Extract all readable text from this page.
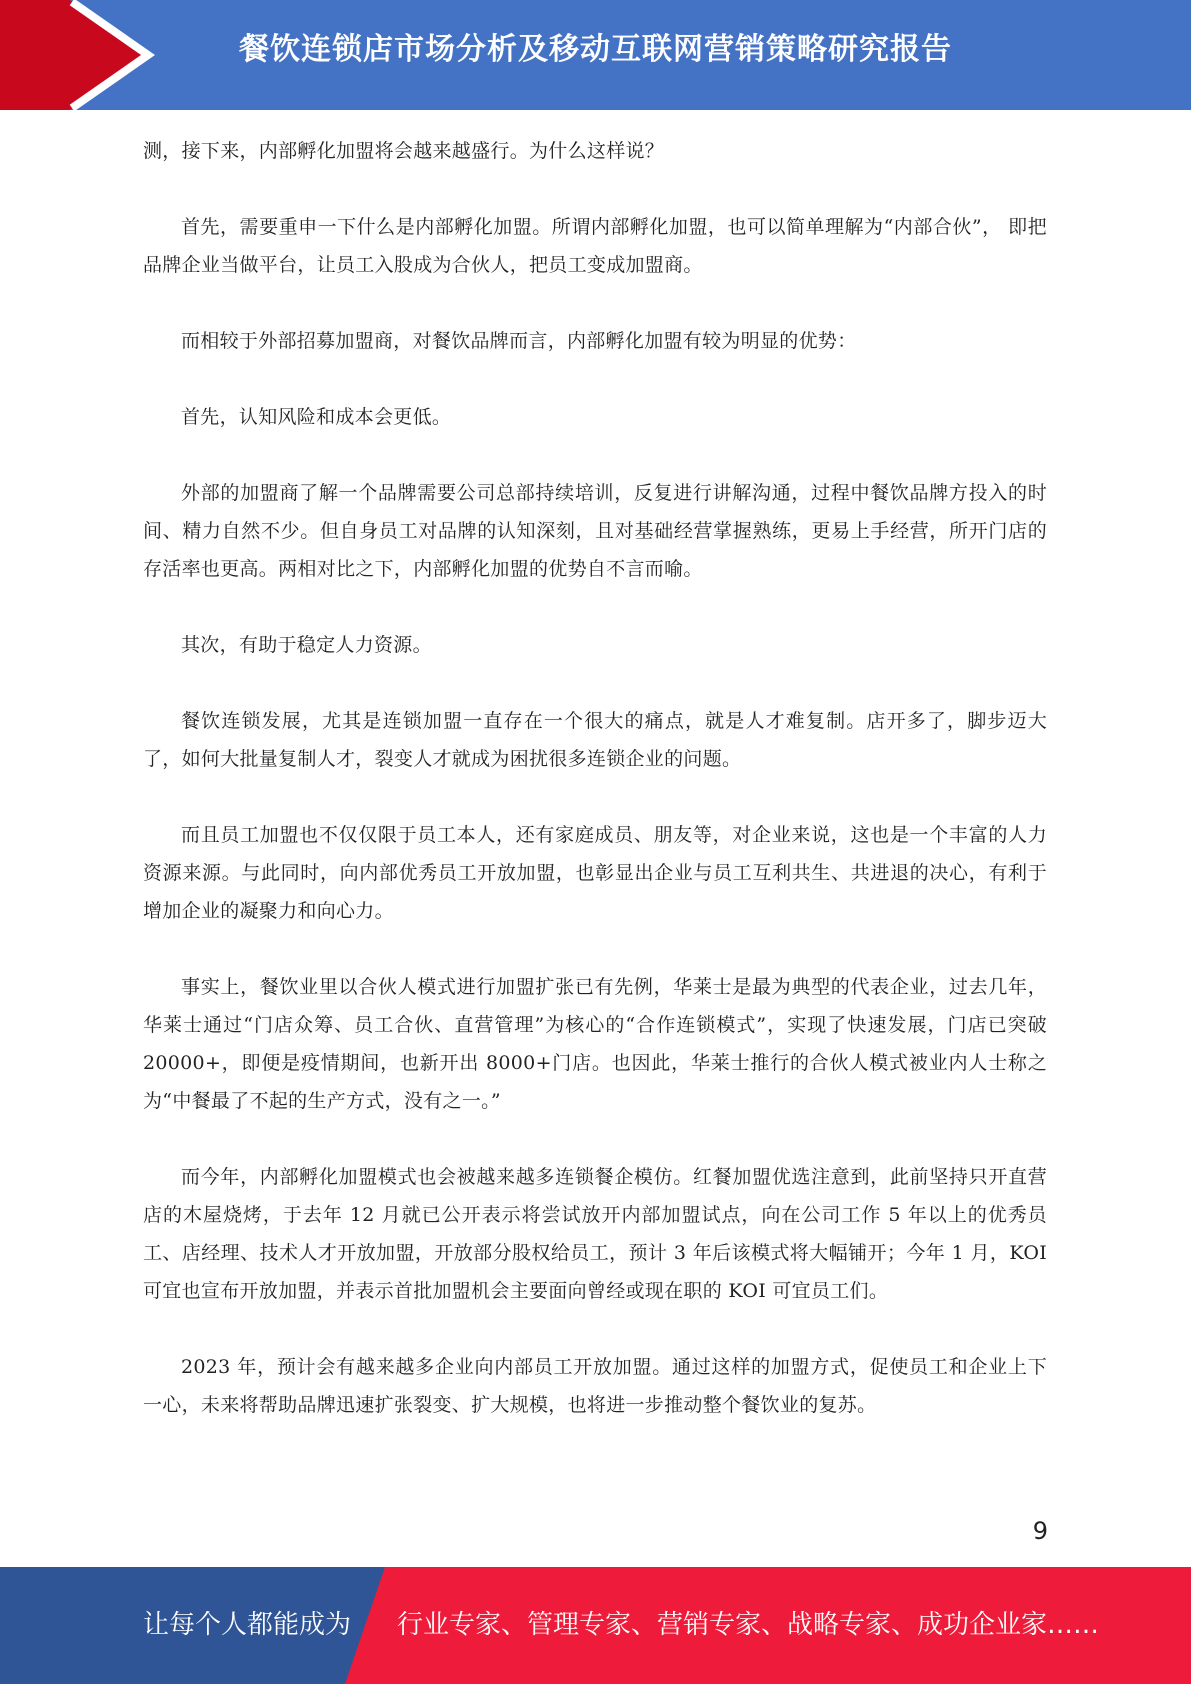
餐饮连锁店市场分析及移动互联网营销策略研究报告

测，接下来，内部孵化加盟将会越来越盛行。为什么这样说？

首先，需要重申一下什么是内部孵化加盟。所谓内部孵化加盟，也可以简单理解为“内部合伙”， 即把品牌企业当做平台，让员工入股成为合伙人，把员工变成加盟商。

而相较于外部招募加盟商，对餐饮品牌而言，内部孵化加盟有较为明显的优势：

首先，认知风险和成本会更低。

外部的加盟商了解一个品牌需要公司总部持续培训，反复进行讲解沟通，过程中餐饮品牌方投入的时间、精力自然不少。但自身员工对品牌的认知深刻，且对基础经营掌握熟练，更易上手经营，所开门店的存活率也更高。两相对比之下，内部孵化加盟的优势自不言而喻。

其次，有助于稳定人力资源。

餐饮连锁发展，尤其是连锁加盟一直存在一个很大的痛点，就是人才难复制。店开多了，脚步迈大了，如何大批量复制人才，裂变人才就成为困扰很多连锁企业的问题。

而且员工加盟也不仅仅限于员工本人，还有家庭成员、朋友等，对企业来说，这也是一个丰富的人力资源来源。与此同时，向内部优秀员工开放加盟，也彰显出企业与员工互利共生、共进退的决心，有利于增加企业的凝聚力和向心力。

事实上，餐饮业里以合伙人模式进行加盟扩张已有先例，华莱士是最为典型的代表企业，过去几年，华莱士通过“门店众筹、员工合伙、直营管理”为核心的“合作连锁模式”，实现了快速发展，门店已突破 20000+，即便是疫情期间，也新开出 8000+门店。也因此，华莱士推行的合伙人模式被业内人士称之为“中餐最了不起的生产方式，没有之一。”

而今年，内部孵化加盟模式也会被越来越多连锁餐企模仿。红餐加盟优选注意到，此前坚持只开直营店的木屋烧烤，于去年 12 月就已公开表示将尝试放开内部加盟试点，向在公司工作 5 年以上的优秀员工、店经理、技术人才开放加盟，开放部分股权给员工，预计 3 年后该模式将大幅铺开；今年 1 月，KOI 可宜也宣布开放加盟，并表示首批加盟机会主要面向曾经或现在职的 KOI 可宜员工们。

2023 年，预计会有越来越多企业向内部员工开放加盟。通过这样的加盟方式，促使员工和企业上下一心，未来将帮助品牌迅速扩张裂变、扩大规模，也将进一步推动整个餐饮业的复苏。

9
让每个人都能成为 行业专家、管理专家、营销专家、战略专家、成功企业家……
